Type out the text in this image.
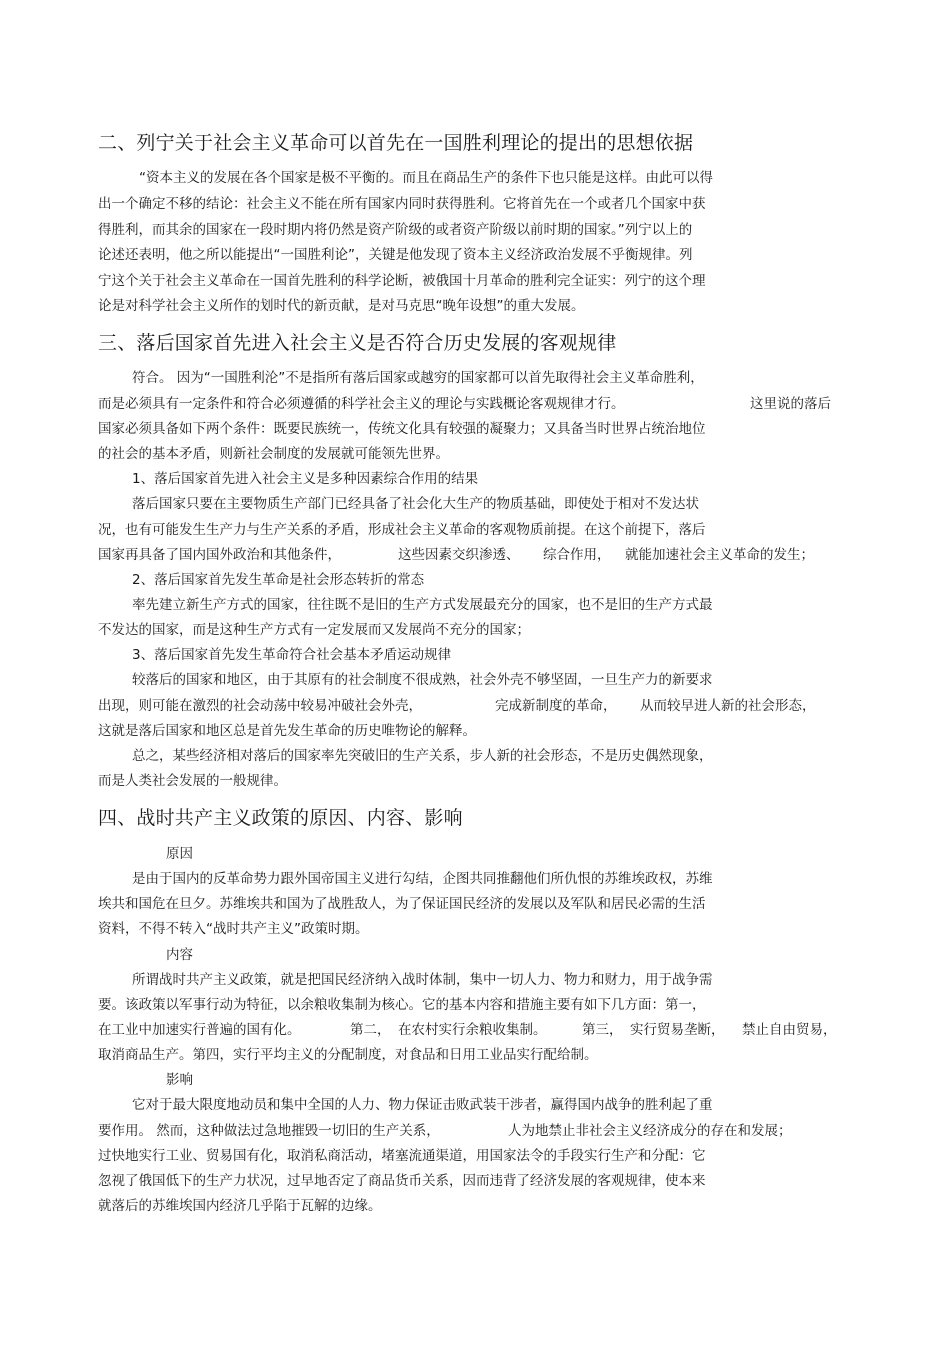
二、列宁关于社会主义革命可以首先在一国胜利理论的提出的思想依据

“资本主义的发展在各个国家是极不平衡的。而且在商品生产的条件下也只能是这样。由此可以得

出一个确定不移的结论：社会主义不能在所有国家内同时获得胜利。它将首先在一个或者几个国家中获

得胜利，而其余的国家在一段时期内将仍然是资产阶级的或者资产阶级以前时期的国家。”列宁以上的

论述还表明，他之所以能提出“一国胜利论”，关键是他发现了资本主义经济政治发展不乎衡规律。列

宁这个关于社会主义革命在一国首先胜利的科学论断，被俄国十月革命的胜利完全证实：列宁的这个理

论是对科学社会主义所作的划时代的新贡献，是对马克思“晚年设想”的重大发展。

三、落后国家首先进入社会主义是否符合历史发展的客观规律

符合。 因为“一国胜利沦”不是指所有落后国家或越穷的国家都可以首先取得社会主义革命胜利，

而是必须具有一定条件和符合必须遵循的科学社会主义的理论与实践概论客观规律才行。	这里说的落后

国家必须具备如下两个条件：既要民族统一，传统文化具有较强的凝聚力；又具备当时世界占统治地位

的社会的基本矛盾，则新社会制度的发展就可能领先世界。

1、落后国家首先进入社会主义是多种因素综合作用的结果

落后国家只要在主要物质生产部门已经具备了社会化大生产的物质基础，即使处于相对不发达状

况，也有可能发生生产力与生产关系的矛盾，形成社会主义革命的客观物质前提。在这个前提下，落后

国家再具备了国内国外政治和其他条件，	这些因素交织渗透、 综合作用， 就能加速社会主义革命的发生；

2、落后国家首先发生革命是社会形态转折的常态

率先建立新生产方式的国家，往往既不是旧的生产方式发展最充分的国家，也不是旧的生产方式最

不发达的国家，而是这种生产方式有一定发展而又发展尚不充分的国家；

3、落后国家首先发生革命符合社会基本矛盾运动规律

较落后的国家和地区，由于其原有的社会制度不很成熟，社会外壳不够坚固，一旦生产力的新要求

出现，则可能在激烈的社会动荡中较易冲破社会外壳，	完成新制度的革命， 从而较早进人新的社会形态，

这就是落后国家和地区总是首先发生革命的历史唯物论的解释。

总之，某些经济相对落后的国家率先突破旧的生产关系，步人新的社会形态，不是历史偶然现象，

而是人类社会发展的一般规律。

四、战时共产主义政策的原因、内容、影响

原因

是由于国内的反革命势力跟外国帝国主义进行勾结，企图共同推翻他们所仇恨的苏维埃政权，苏维

埃共和国危在旦夕。苏维埃共和国为了战胜敌人，为了保证国民经济的发展以及军队和居民必需的生活

资料，不得不转入“战时共产主义”政策时期。

内容

所谓战时共产主义政策，就是把国民经济纳入战时体制，集中一切人力、物力和财力，用于战争需

要。该政策以军事行动为特征，以余粮收集制为核心。它的基本内容和措施主要有如下几方面：第一，

在工业中加速实行普遍的国有化。	第二， 在农村实行余粮收集制。	第三， 实行贸易垄断， 禁止自由贸易，

取消商品生产。第四，实行平均主义的分配制度，对食品和日用工业品实行配给制。

影响

它对于最大限度地动员和集中全国的人力、物力保证击败武装干涉者，赢得国内战争的胜利起了重

要作用。 然而，这种做法过急地摧毁一切旧的生产关系，	人为地禁止非社会主义经济成分的存在和发展；

过快地实行工业、贸易国有化，取消私商活动，堵塞流通渠道，用国家法令的手段实行生产和分配：它

忽视了俄国低下的生产力状况，过早地否定了商品货币关系，因而违背了经济发展的客观规律，使本来

就落后的苏维埃国内经济几乎陷于瓦解的边缘。
